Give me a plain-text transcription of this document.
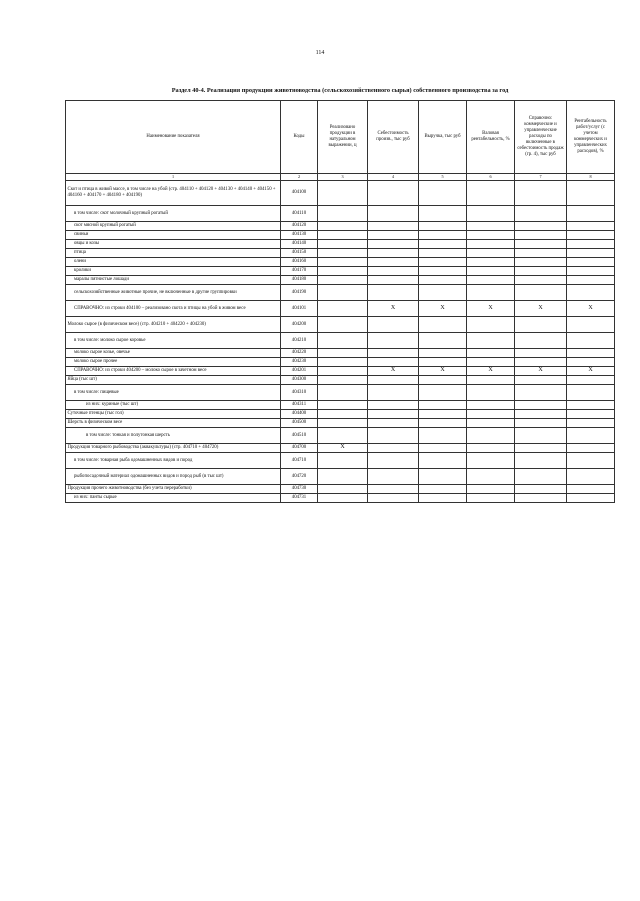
114
Раздел 40-4. Реализация продукции животноводства (сельскохозяйственного сырья) собственного производства за год
Наименование показателя	Коды	Реализовано продукции в натуральном выражении, ц	Себестоимость произв., тыс руб	Выручка, тыс руб	Валовая рентабельность, %	Справочно: коммерческие и управленческие расходы по включенные в себестоимость продаж (гр. 4), тыс руб	Рентабельность работ/услуг (с учетом коммерческих и управленческих расходов), %
1	2	3	4	5	6	7	8
Скот и птица в живой массе, в том числе на убой (стр. 404110 + 404120 + 404130 + 404140 + 404150 + 404160 + 404170 + 404180 + 404190)	404100						
в том числе: скот молочный крупный рогатый	404110						
скот мясной крупный рогатый	404120						
свиньи	404130						
овцы и козы	404140						
птица	404150						
олени	404160						
кролики	404170						
маралы пятнистые лошади	404180						
сельскохозяйственные животные прочие, не включенные в другие группировки	404190						
СПРАВОЧНО: из строки 404100 – реализовано скота и птицы на убой в живом весе	404101		X	X	X	X	X
Молоко сырое (в физическом весе) (стр. 404210 + 404220 + 404230)	404200						
в том числе: молоко сырое коровье	404210						
молоко сырое козье, овечье	404220						
молоко сырое прочее	404230						
СПРАВОЧНО: из строки 404200 – молоко сырое в зачетном весе	404201		X	X	X	X	X
Яйца (тыс шт)	404300						
в том числе: пищевые	404310						
из них: куриные (тыс шт)	404311						
Суточные птенцы (тыс гол)	404400						
Шерсть в физическом весе	404500						
в том числе: тонкая и полутонкая шерсть	404510						
Продукция товарного рыбоводства (аквакультуры) (стр. 404710 + 404720)	404700	X					
в том числе: товарная рыба одомашненных видов и пород	404710						
рыбопосадочный материал одомашненных видов и пород рыб (в тыс шт)	404720						
Продукция прочего животноводства (без учета переработки)	404730						
из них: панты сырые	404731						
